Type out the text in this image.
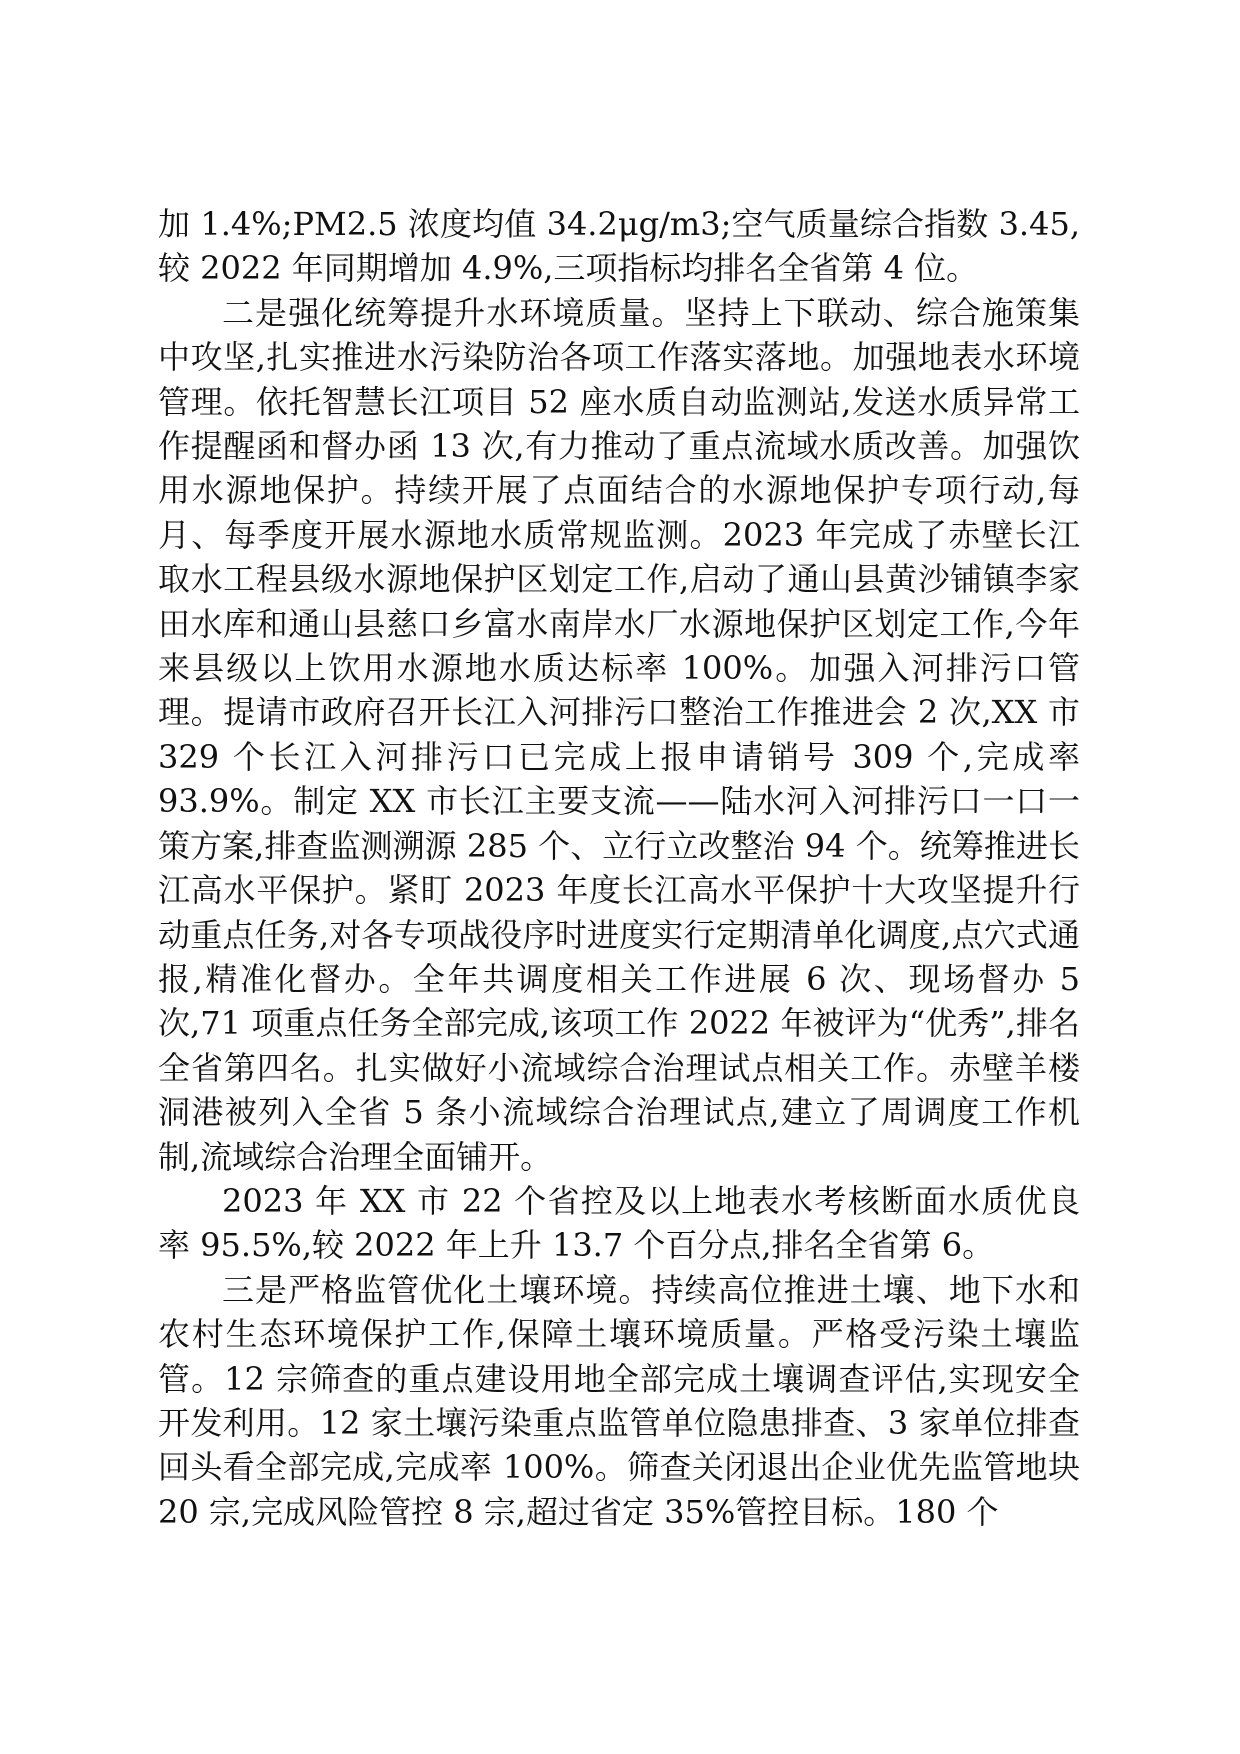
加 1.4%;PM2.5 浓度均值 34.2μg/m3;空气质量综合指数 3.45,较 2022 年同期增加 4.9%,三项指标均排名全省第 4 位。

二是强化统筹提升水环境质量。坚持上下联动、综合施策集中攻坚,扎实推进水污染防治各项工作落实落地。加强地表水环境管理。依托智慧长江项目 52 座水质自动监测站,发送水质异常工作提醒函和督办函 13 次,有力推动了重点流域水质改善。加强饮用水源地保护。持续开展了点面结合的水源地保护专项行动,每月、每季度开展水源地水质常规监测。2023 年完成了赤壁长江取水工程县级水源地保护区划定工作,启动了通山县黄沙铺镇李家田水库和通山县慈口乡富水南岸水厂水源地保护区划定工作,今年来县级以上饮用水源地水质达标率 100%。加强入河排污口管理。提请市政府召开长江入河排污口整治工作推进会 2 次,XX 市 329 个长江入河排污口已完成上报申请销号 309 个,完成率 93.9%。制定 XX 市长江主要支流——陆水河入河排污口一口一策方案,排查监测溯源 285 个、立行立改整治 94 个。统筹推进长江高水平保护。紧盯 2023 年度长江高水平保护十大攻坚提升行动重点任务,对各专项战役序时进度实行定期清单化调度,点穴式通报,精准化督办。全年共调度相关工作进展 6 次、现场督办 5 次,71 项重点任务全部完成,该项工作 2022 年被评为“优秀”,排名全省第四名。扎实做好小流域综合治理试点相关工作。赤壁羊楼洞港被列入全省 5 条小流域综合治理试点,建立了周调度工作机制,流域综合治理全面铺开。

2023 年 XX 市 22 个省控及以上地表水考核断面水质优良率 95.5%,较 2022 年上升 13.7 个百分点,排名全省第 6。

三是严格监管优化土壤环境。持续高位推进土壤、地下水和农村生态环境保护工作,保障土壤环境质量。严格受污染土壤监管。12 宗筛查的重点建设用地全部完成土壤调查评估,实现安全开发利用。12 家土壤污染重点监管单位隐患排查、3 家单位排查回头看全部完成,完成率 100%。筛查关闭退出企业优先监管地块 20 宗,完成风险管控 8 宗,超过省定 35%管控目标。180 个
